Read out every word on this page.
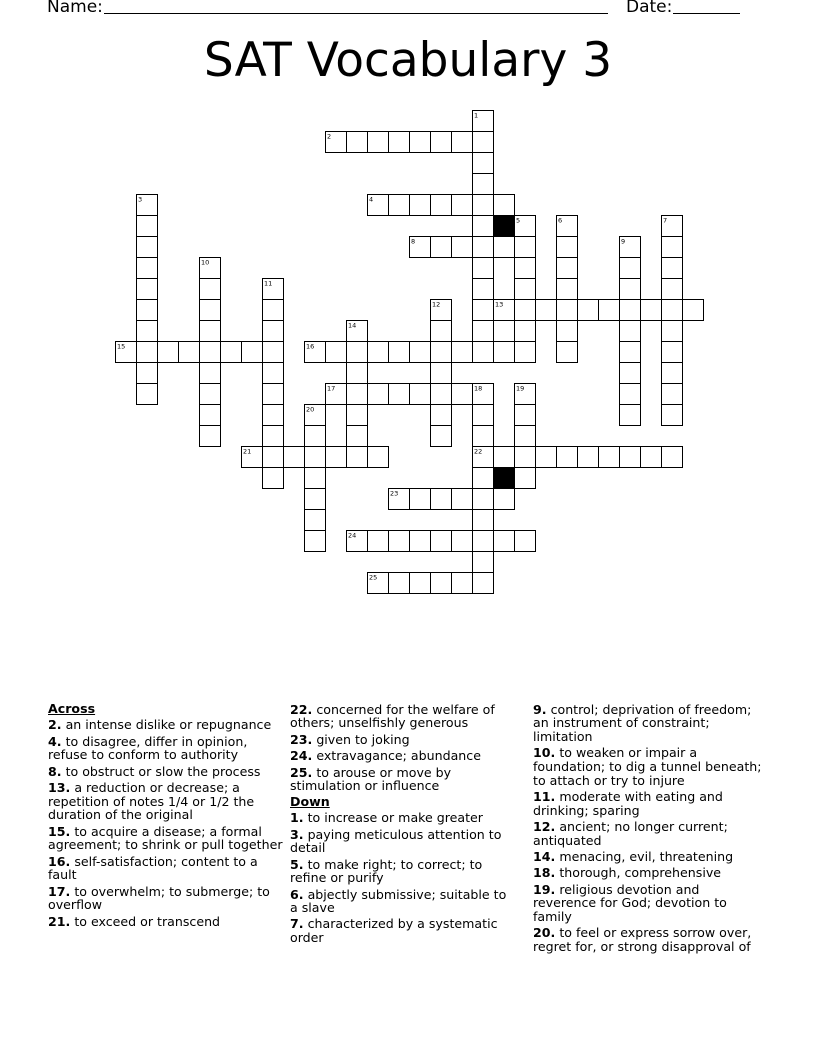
Name:	Date:
SAT Vocabulary 3
1
2
3	4
5	6	7
8	9
10
11
12	13
14
15	16
17	18	19
20
21	22
23
24
25
Across
2. an intense dislike or repugnance
4. to disagree, differ in opinion, refuse to conform to authority
8. to obstruct or slow the process
13. a reduction or decrease; a repetition of notes 1/4 or 1/2 the duration of the original
15. to acquire a disease; a formal agreement; to shrink or pull together
16. self-satisfaction; content to a fault
17. to overwhelm; to submerge; to overflow
21. to exceed or transcend
22. concerned for the welfare of others; unselfishly generous
23. given to joking
24. extravagance; abundance
25. to arouse or move by stimulation or influence
Down
1. to increase or make greater
3. paying meticulous attention to detail
5. to make right; to correct; to refine or purify
6. abjectly submissive; suitable to a slave
7. characterized by a systematic order
9. control; deprivation of freedom; an instrument of constraint; limitation
10. to weaken or impair a foundation; to dig a tunnel beneath; to attach or try to injure
11. moderate with eating and drinking; sparing
12. ancient; no longer current; antiquated
14. menacing, evil, threatening
18. thorough, comprehensive
19. religious devotion and reverence for God; devotion to family
20. to feel or express sorrow over, regret for, or strong disapproval of
